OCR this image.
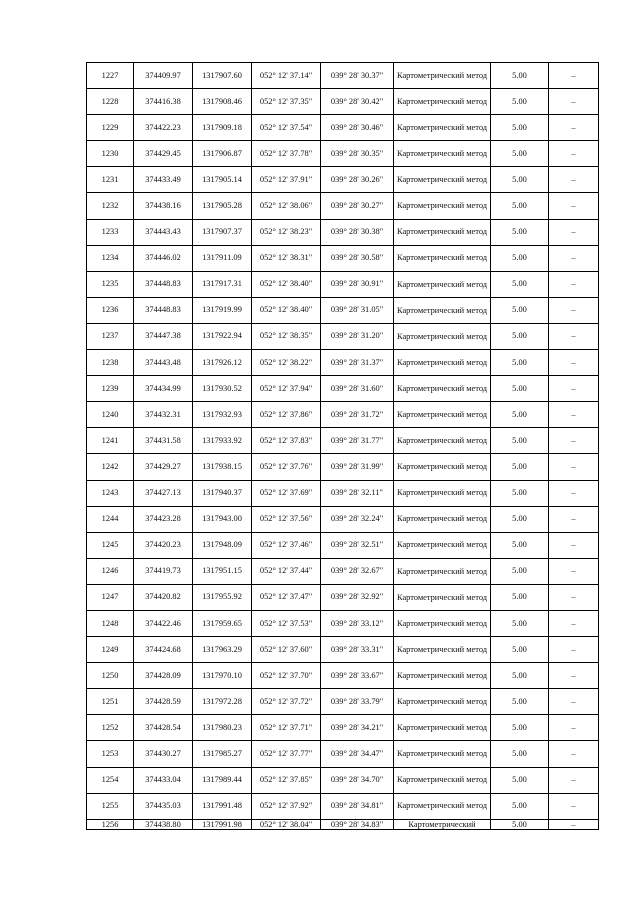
1227	374409.97	1317907.60	052° 12' 37.14"	039° 28' 30.37"	Картометрический метод	5.00	–
1228	374416.38	1317908.46	052° 12' 37.35"	039° 28' 30.42"	Картометрический метод	5.00	–
1229	374422.23	1317909.18	052° 12' 37.54"	039° 28' 30.46"	Картометрический метод	5.00	–
1230	374429.45	1317906.87	052° 12' 37.78"	039° 28' 30.35"	Картометрический метод	5.00	–
1231	374433.49	1317905.14	052° 12' 37.91"	039° 28' 30.26"	Картометрический метод	5.00	–
1232	374438.16	1317905.28	052° 12' 38.06"	039° 28' 30.27"	Картометрический метод	5.00	–
1233	374443.43	1317907.37	052° 12' 38.23"	039° 28' 30.38"	Картометрический метод	5.00	–
1234	374446.02	1317911.09	052° 12' 38.31"	039° 28' 30.58"	Картометрический метод	5.00	–
1235	374448.83	1317917.31	052° 12' 38.40"	039° 28' 30.91"	Картометрический метод	5.00	–
1236	374448.83	1317919.99	052° 12' 38.40"	039° 28' 31.05"	Картометрический метод	5.00	–
1237	374447.38	1317922.94	052° 12' 38.35"	039° 28' 31.20"	Картометрический метод	5.00	–
1238	374443.48	1317926.12	052° 12' 38.22"	039° 28' 31.37"	Картометрический метод	5.00	–
1239	374434.99	1317930.52	052° 12' 37.94"	039° 28' 31.60"	Картометрический метод	5.00	–
1240	374432.31	1317932.93	052° 12' 37.86"	039° 28' 31.72"	Картометрический метод	5.00	–
1241	374431.58	1317933.92	052° 12' 37.83"	039° 28' 31.77"	Картометрический метод	5.00	–
1242	374429.27	1317938.15	052° 12' 37.76"	039° 28' 31.99"	Картометрический метод	5.00	–
1243	374427.13	1317940.37	052° 12' 37.69"	039° 28' 32.11"	Картометрический метод	5.00	–
1244	374423.28	1317943.00	052° 12' 37.56"	039° 28' 32.24"	Картометрический метод	5.00	–
1245	374420.23	1317948.09	052° 12' 37.46"	039° 28' 32.51"	Картометрический метод	5.00	–
1246	374419.73	1317951.15	052° 12' 37.44"	039° 28' 32.67"	Картометрический метод	5.00	–
1247	374420.82	1317955.92	052° 12' 37.47"	039° 28' 32.92"	Картометрический метод	5.00	–
1248	374422.46	1317959.65	052° 12' 37.53"	039° 28' 33.12"	Картометрический метод	5.00	–
1249	374424.68	1317963.29	052° 12' 37.60"	039° 28' 33.31"	Картометрический метод	5.00	–
1250	374428.09	1317970.10	052° 12' 37.70"	039° 28' 33.67"	Картометрический метод	5.00	–
1251	374428.59	1317972.28	052° 12' 37.72"	039° 28' 33.79"	Картометрический метод	5.00	–
1252	374428.54	1317980.23	052° 12' 37.71"	039° 28' 34.21"	Картометрический метод	5.00	–
1253	374430.27	1317985.27	052° 12' 37.77"	039° 28' 34.47"	Картометрический метод	5.00	–
1254	374433.04	1317989.44	052° 12' 37.85"	039° 28' 34.70"	Картометрический метод	5.00	–
1255	374435.03	1317991.48	052° 12' 37.92"	039° 28' 34.81"	Картометрический метод	5.00	–
1256	374438.80	1317991.98	052° 12' 38.04"	039° 28' 34.83"	Картометрический	5.00	–
